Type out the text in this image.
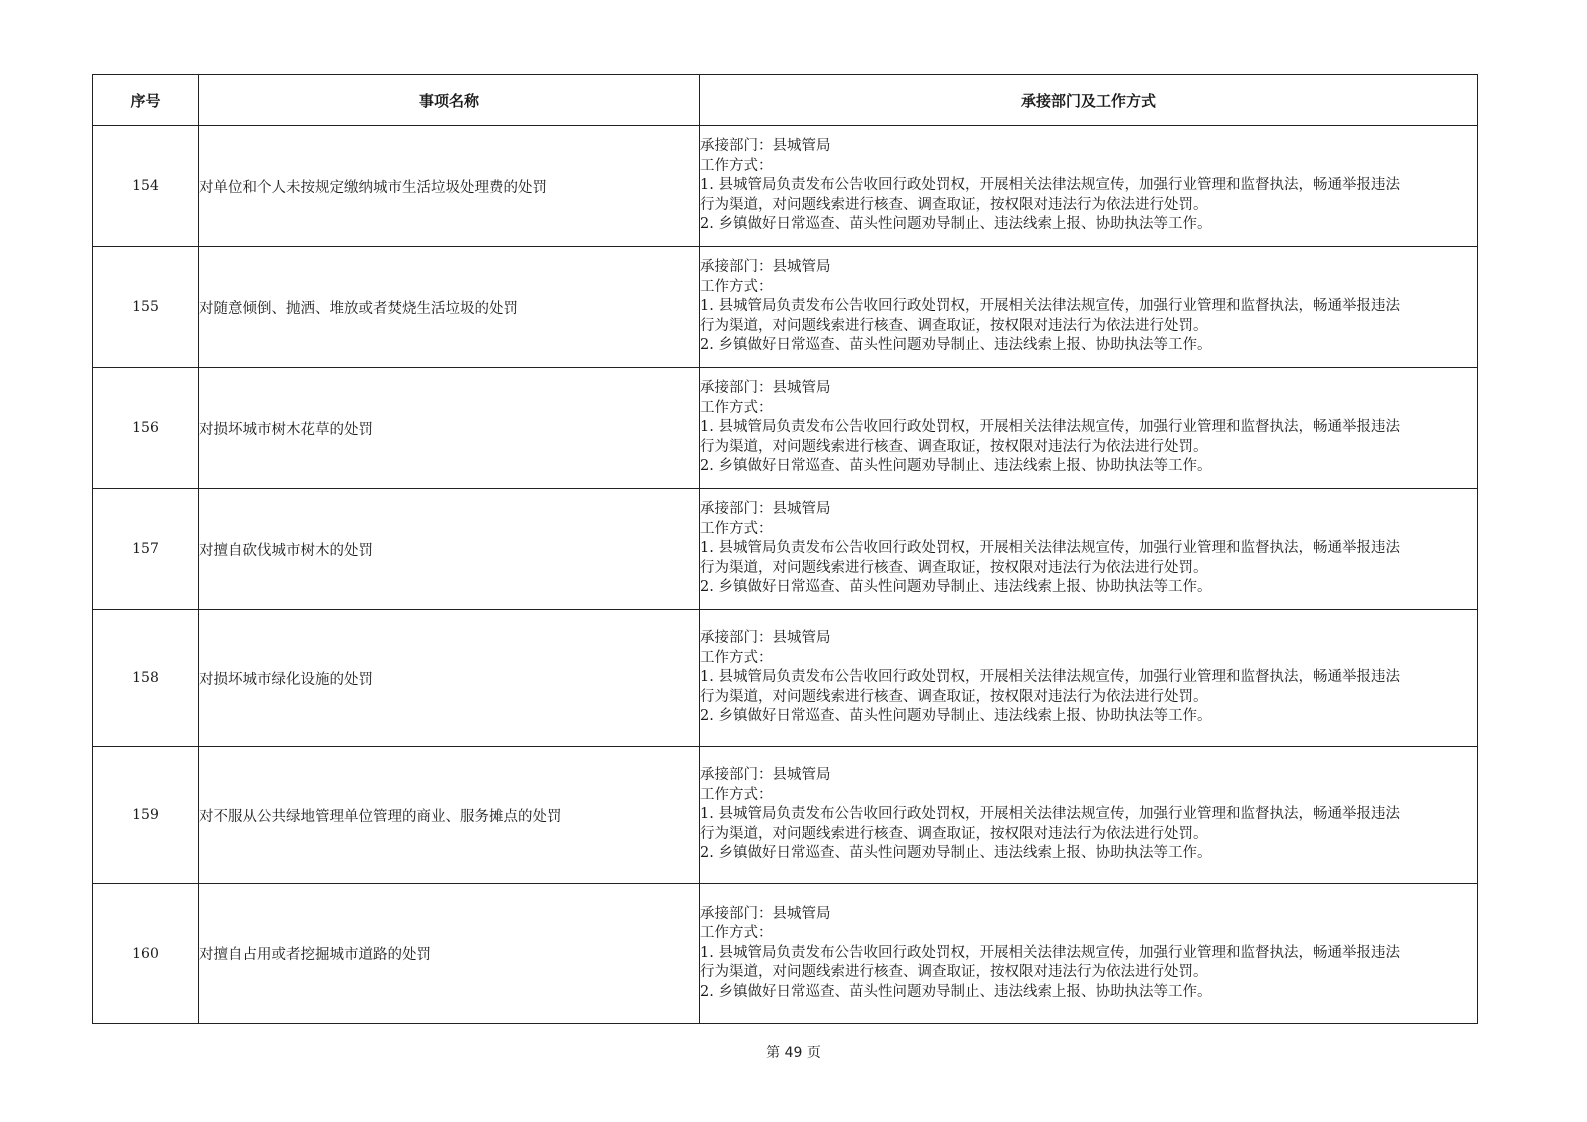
序号	事项名称	承接部门及工作方式
154	对单位和个人未按规定缴纳城市生活垃圾处理费的处罚	承接部门：县城管局
工作方式：
1. 县城管局负责发布公告收回行政处罚权，开展相关法律法规宣传，加强行业管理和监督执法，畅通举报违法
行为渠道，对问题线索进行核查、调查取证，按权限对违法行为依法进行处罚。
2. 乡镇做好日常巡查、苗头性问题劝导制止、违法线索上报、协助执法等工作。

155	对随意倾倒、抛洒、堆放或者焚烧生活垃圾的处罚	承接部门：县城管局
工作方式：
1. 县城管局负责发布公告收回行政处罚权，开展相关法律法规宣传，加强行业管理和监督执法，畅通举报违法
行为渠道，对问题线索进行核查、调查取证，按权限对违法行为依法进行处罚。
2. 乡镇做好日常巡查、苗头性问题劝导制止、违法线索上报、协助执法等工作。

156	对损坏城市树木花草的处罚	承接部门：县城管局
工作方式：
1. 县城管局负责发布公告收回行政处罚权，开展相关法律法规宣传，加强行业管理和监督执法，畅通举报违法
行为渠道，对问题线索进行核查、调查取证，按权限对违法行为依法进行处罚。
2. 乡镇做好日常巡查、苗头性问题劝导制止、违法线索上报、协助执法等工作。

157	对擅自砍伐城市树木的处罚	承接部门：县城管局
工作方式：
1. 县城管局负责发布公告收回行政处罚权，开展相关法律法规宣传，加强行业管理和监督执法，畅通举报违法
行为渠道，对问题线索进行核查、调查取证，按权限对违法行为依法进行处罚。
2. 乡镇做好日常巡查、苗头性问题劝导制止、违法线索上报、协助执法等工作。

158	对损坏城市绿化设施的处罚	承接部门：县城管局
工作方式：
1. 县城管局负责发布公告收回行政处罚权，开展相关法律法规宣传，加强行业管理和监督执法，畅通举报违法
行为渠道，对问题线索进行核查、调查取证，按权限对违法行为依法进行处罚。
2. 乡镇做好日常巡查、苗头性问题劝导制止、违法线索上报、协助执法等工作。

159	对不服从公共绿地管理单位管理的商业、服务摊点的处罚	承接部门：县城管局
工作方式：
1. 县城管局负责发布公告收回行政处罚权，开展相关法律法规宣传，加强行业管理和监督执法，畅通举报违法
行为渠道，对问题线索进行核查、调查取证，按权限对违法行为依法进行处罚。
2. 乡镇做好日常巡查、苗头性问题劝导制止、违法线索上报、协助执法等工作。

160	对擅自占用或者挖掘城市道路的处罚	承接部门：县城管局
工作方式：
1. 县城管局负责发布公告收回行政处罚权，开展相关法律法规宣传，加强行业管理和监督执法，畅通举报违法
行为渠道，对问题线索进行核查、调查取证，按权限对违法行为依法进行处罚。
2. 乡镇做好日常巡查、苗头性问题劝导制止、违法线索上报、协助执法等工作。
第 49 页
